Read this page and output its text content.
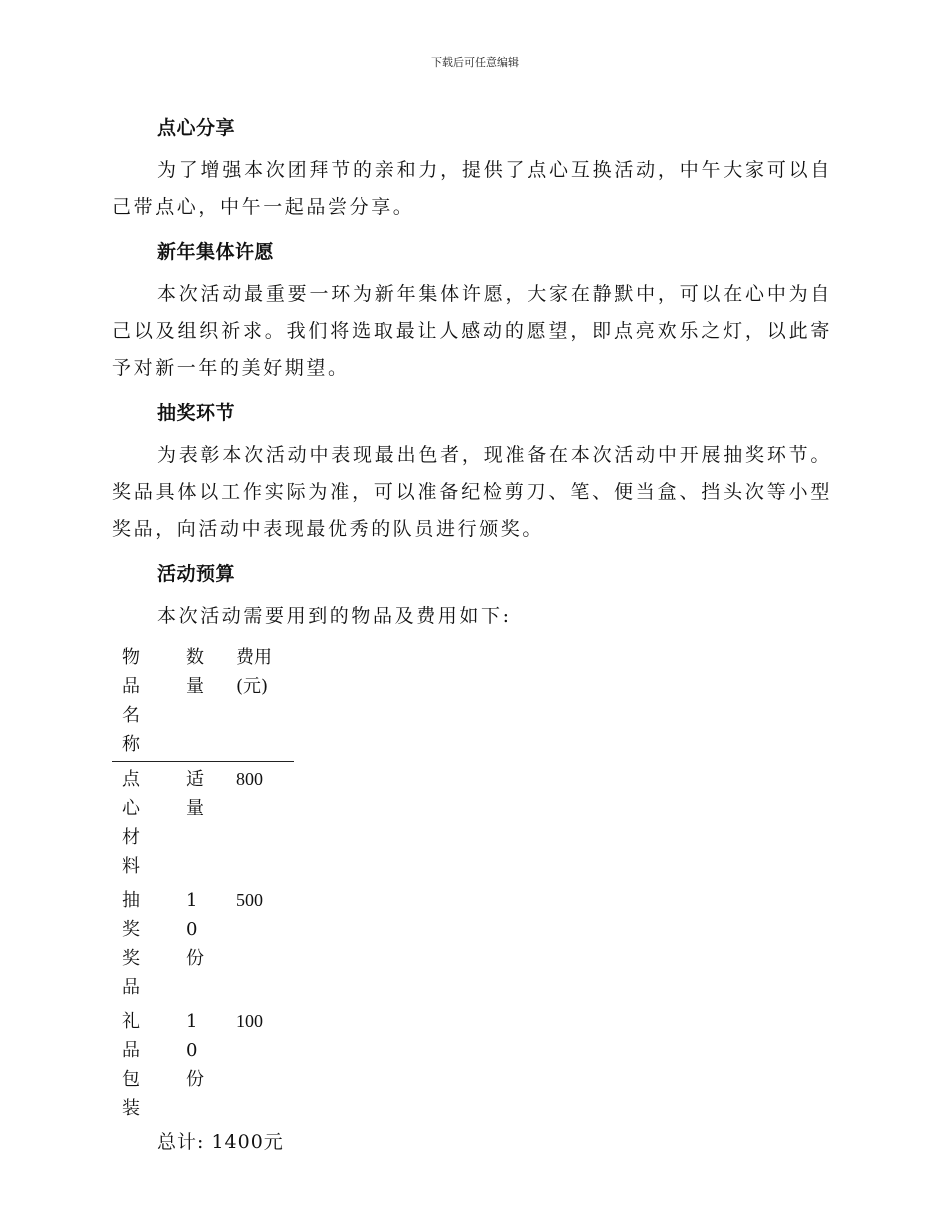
下载后可任意编辑

点心分享

为了增强本次团拜节的亲和力，提供了点心互换活动，中午大家可以自己带点心，中午一起品尝分享。

新年集体许愿

本次活动最重要一环为新年集体许愿，大家在静默中，可以在心中为自己以及组织祈求。我们将选取最让人感动的愿望，即点亮欢乐之灯，以此寄予对新一年的美好期望。

抽奖环节

为表彰本次活动中表现最出色者，现准备在本次活动中开展抽奖环节。奖品具体以工作实际为准，可以准备纪检剪刀、笔、便当盒、挡头次等小型奖品，向活动中表现最优秀的队员进行颁奖。

活动预算

本次活动需要用到的物品及费用如下:

物品名称	数量	费用(元)

点心材料	适量	800

抽奖奖品	10份	500

礼品包装	10份	100
总计: 1400元
